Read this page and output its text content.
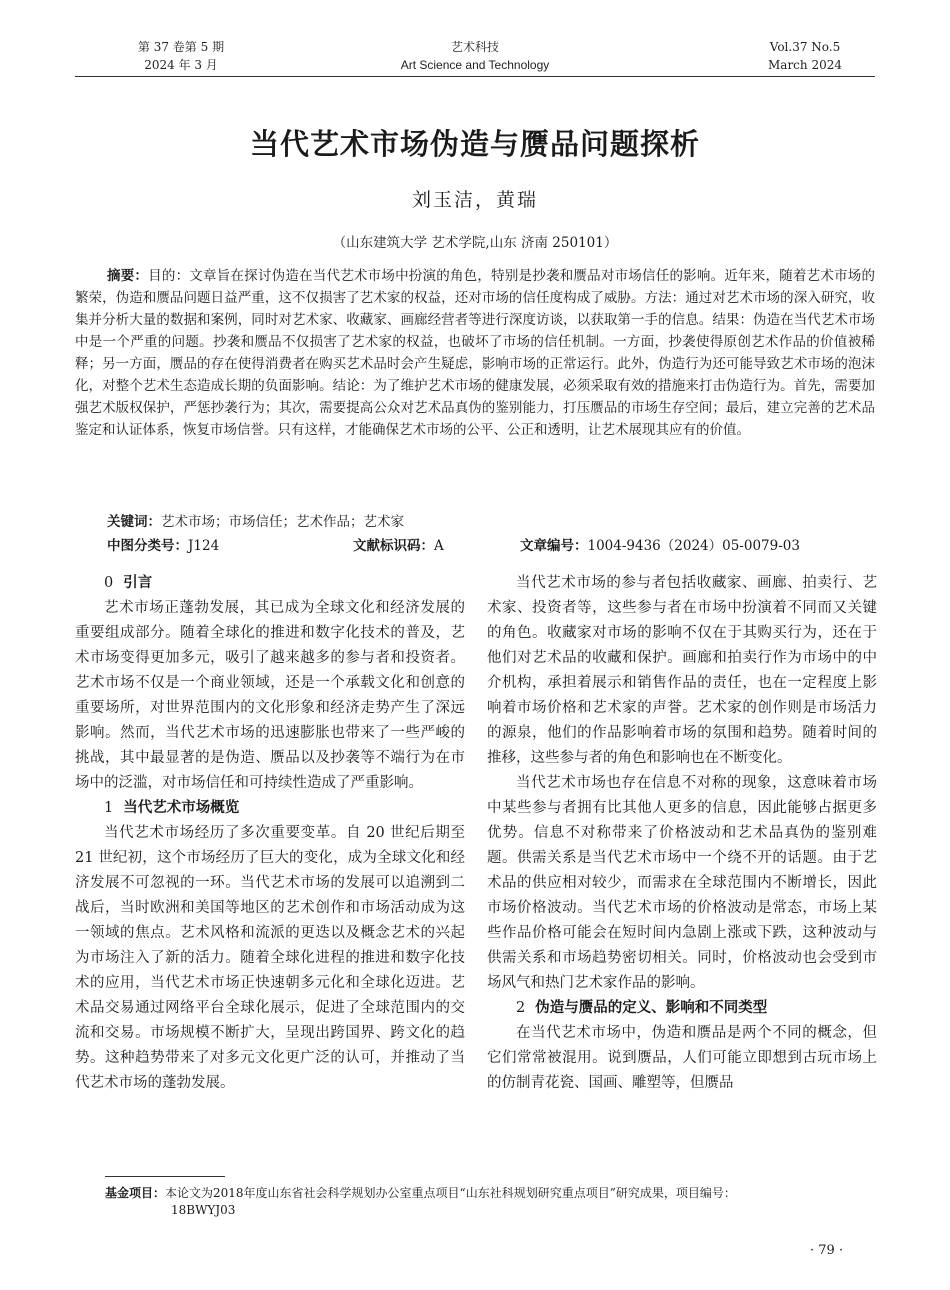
第 37 卷第 5 期
2024 年 3 月
艺术科技
Art Science and Technology
Vol.37 No.5
March 2024
当代艺术市场伪造与赝品问题探析
刘玉洁，黄瑞
（山东建筑大学 艺术学院,山东 济南 250101）
摘要：目的：文章旨在探讨伪造在当代艺术市场中扮演的角色，特别是抄袭和赝品对市场信任的影响。近年来，随着艺术市场的繁荣，伪造和赝品问题日益严重，这不仅损害了艺术家的权益，还对市场的信任度构成了威胁。方法：通过对艺术市场的深入研究，收集并分析大量的数据和案例，同时对艺术家、收藏家、画廊经营者等进行深度访谈，以获取第一手的信息。结果：伪造在当代艺术市场中是一个严重的问题。抄袭和赝品不仅损害了艺术家的权益，也破坏了市场的信任机制。一方面，抄袭使得原创艺术作品的价值被稀释；另一方面，赝品的存在使得消费者在购买艺术品时会产生疑虑，影响市场的正常运行。此外，伪造行为还可能导致艺术市场的泡沫化，对整个艺术生态造成长期的负面影响。结论：为了维护艺术市场的健康发展，必须采取有效的措施来打击伪造行为。首先，需要加强艺术版权保护，严惩抄袭行为；其次，需要提高公众对艺术品真伪的鉴别能力，打压赝品的市场生存空间；最后，建立完善的艺术品鉴定和认证体系，恢复市场信誉。只有这样，才能确保艺术市场的公平、公正和透明，让艺术展现其应有的价值。
关键词：艺术市场；市场信任；艺术作品；艺术家
中图分类号：J124	文献标识码：A	文章编号：1004-9436（2024）05-0079-03
0 引言

艺术市场正蓬勃发展，其已成为全球文化和经济发展的重要组成部分。随着全球化的推进和数字化技术的普及，艺术市场变得更加多元，吸引了越来越多的参与者和投资者。艺术市场不仅是一个商业领域，还是一个承载文化和创意的重要场所，对世界范围内的文化形象和经济走势产生了深远影响。然而，当代艺术市场的迅速膨胀也带来了一些严峻的挑战，其中最显著的是伪造、赝品以及抄袭等不端行为在市场中的泛滥，对市场信任和可持续性造成了严重影响。

1 当代艺术市场概览

当代艺术市场经历了多次重要变革。自 20 世纪后期至 21 世纪初，这个市场经历了巨大的变化，成为全球文化和经济发展不可忽视的一环。当代艺术市场的发展可以追溯到二战后，当时欧洲和美国等地区的艺术创作和市场活动成为这一领域的焦点。艺术风格和流派的更迭以及概念艺术的兴起为市场注入了新的活力。随着全球化进程的推进和数字化技术的应用，当代艺术市场正快速朝多元化和全球化迈进。艺术品交易通过网络平台全球化展示，促进了全球范围内的交流和交易。市场规模不断扩大，呈现出跨国界、跨文化的趋势。这种趋势带来了对多元文化更广泛的认可，并推动了当代艺术市场的蓬勃发展。

当代艺术市场的参与者包括收藏家、画廊、拍卖行、艺术家、投资者等，这些参与者在市场中扮演着不同而又关键的角色。收藏家对市场的影响不仅在于其购买行为，还在于他们对艺术品的收藏和保护。画廊和拍卖行作为市场中的中介机构，承担着展示和销售作品的责任，也在一定程度上影响着市场价格和艺术家的声誉。艺术家的创作则是市场活力的源泉，他们的作品影响着市场的氛围和趋势。随着时间的推移，这些参与者的角色和影响也在不断变化。

当代艺术市场也存在信息不对称的现象，这意味着市场中某些参与者拥有比其他人更多的信息，因此能够占据更多优势。信息不对称带来了价格波动和艺术品真伪的鉴别难题。供需关系是当代艺术市场中一个绕不开的话题。由于艺术品的供应相对较少，而需求在全球范围内不断增长，因此市场价格波动。当代艺术市场的价格波动是常态，市场上某些作品价格可能会在短时间内急剧上涨或下跌，这种波动与供需关系和市场趋势密切相关。同时，价格波动也会受到市场风气和热门艺术家作品的影响。

2 伪造与赝品的定义、影响和不同类型

在当代艺术市场中，伪造和赝品是两个不同的概念，但它们常常被混用。说到赝品，人们可能立即想到古玩市场上的仿制青花瓷、国画、雕塑等，但赝品

基金项目：本论文为2018年度山东省社会科学规划办公室重点项目“山东社科规划研究重点项目”研究成果，项目编号：
18BWYJ03
· 79 ·
